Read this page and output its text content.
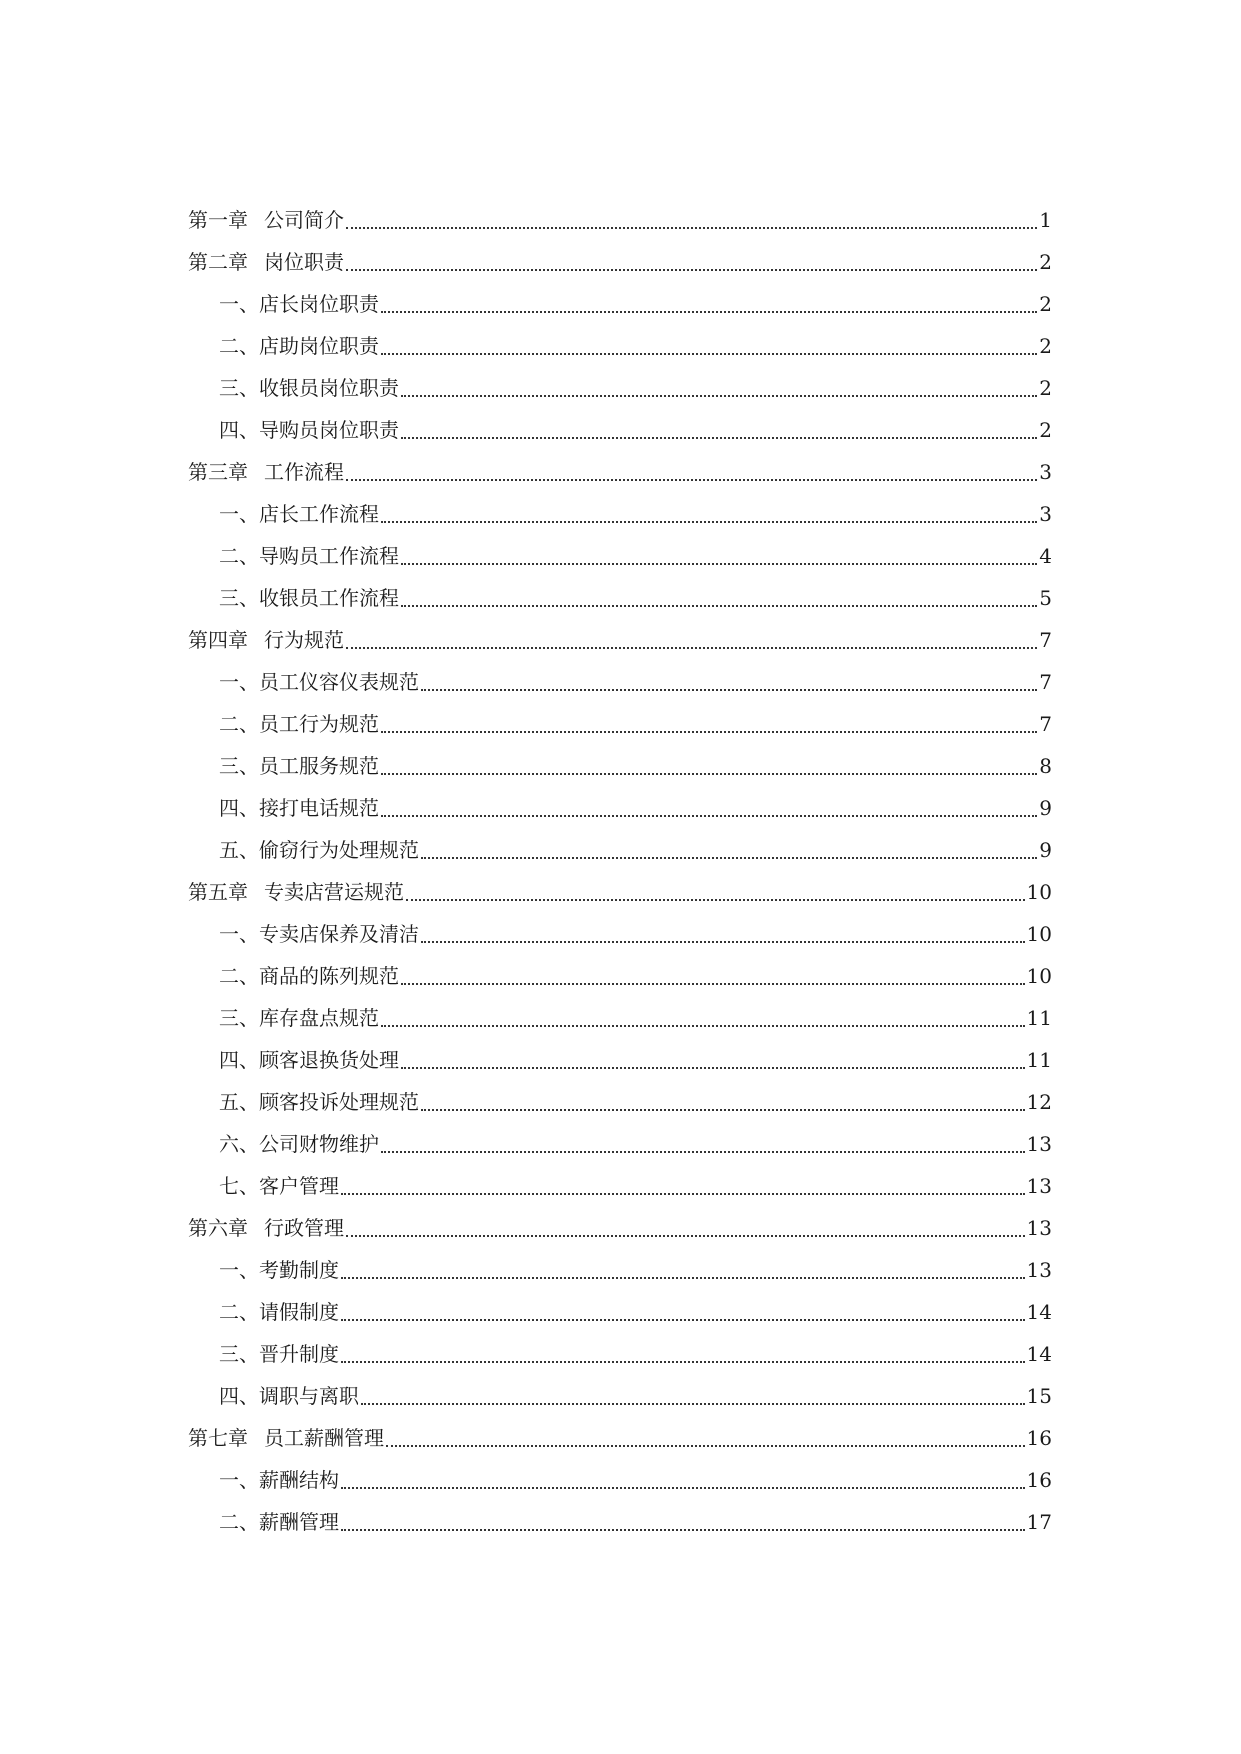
第一章 公司简介	1
第二章 岗位职责	2
一、店长岗位职责	2
二、店助岗位职责	2
三、收银员岗位职责	2
四、导购员岗位职责	2
第三章 工作流程	3
一、店长工作流程	3
二、导购员工作流程	4
三、收银员工作流程	5
第四章 行为规范	7
一、员工仪容仪表规范	7
二、员工行为规范	7
三、员工服务规范	8
四、接打电话规范	9
五、偷窃行为处理规范	9
第五章 专卖店营运规范	10
一、专卖店保养及清洁	10
二、商品的陈列规范	10
三、库存盘点规范	11
四、顾客退换货处理	11
五、顾客投诉处理规范	12
六、公司财物维护	13
七、客户管理	13
第六章 行政管理	13
一、考勤制度	13
二、请假制度	14
三、晋升制度	14
四、调职与离职	15
第七章 员工薪酬管理	16
一、薪酬结构	16
二、薪酬管理	17
